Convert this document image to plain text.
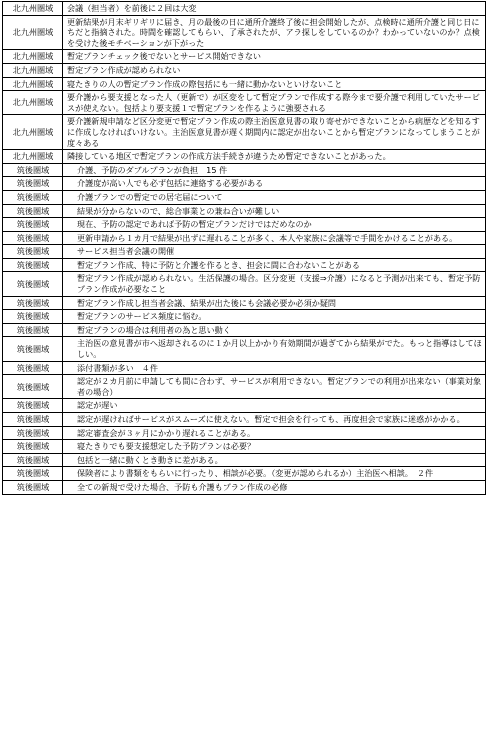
北九州圏域	会議（担当者）を前後に２回は大変
北九州圏域	更新結果が月末ギリギリに届き、月の最後の日に通所介護終了後に担会開始したが、点検時に通所介護と同じ日にちだと指摘された。時間を確認してもらい、了承されたが、アラ探しをしているのか？わかっていないのか？点検を受けた後モチベーションが下がった
北九州圏域	暫定プランチェック後でないとサービス開始できない
北九州圏域	暫定プラン作成が認められない
北九州圏域	寝たきりの人の暫定プラン作成の際包括にも一緒に動かないといけないこと
北九州圏域	要介護から要支援となった人（更新で）が区変をして暫定プランで作成する際今まで要介護で利用していたサービスが使えない。包括より要支援１で暫定プランを作るように強要される
北九州圏域	要介護新規申請など区分変更で暫定プラン作成の際主治医意見書の取り寄せができないことから病歴などを知るすに作成しなければいけない。主治医意見書が遅く期間内に認定が出ないことから暫定プランになってしまうことが度々ある
北九州圏域	隣接している地区で暫定プランの作成方法手続きが違うため暫定できないことがあった。
筑後圏域	介護、予防のダブルプランが負担　15 件
筑後圏域	介護度が高い人でも必ず包括に連絡する必要がある
筑後圏域	介護プランでの暫定での居宅届について
筑後圏域	結果が分からないので、総合事業との兼ね合いが難しい
筑後圏域	現在、予防の認定であれば予防の暫定プランだけではだめなのか
筑後圏域	更新申請から１カ月で結果が出ずに遅れることが多く、本人や家族に会議等で手間をかけることがある。
筑後圏域	サービス担当者会議の開催
筑後圏域	暫定プラン作成、特に予防と介護を作るとき、担会に間に合わないことがある
筑後圏域	暫定プラン作成が認められない。生活保護の場合。区分変更（支援⇒介護）になると予測が出来ても、暫定予防プラン作成が必要なこと
筑後圏域	暫定プラン作成し担当者会議、結果が出た後にも会議必要か必須か疑問
筑後圏域	暫定プランのサービス頻度に悩む。
筑後圏域	暫定プランの場合は利用者の為と思い動く
筑後圏域	主治医の意見書が市へ返却されるのに１か月以上かかり有効期間が過ぎてから結果がでた。もっと指導はしてほしい。
筑後圏域	添付書類が多い　４件
筑後圏域	認定が２カ月前に申請しても間に合わず、サービスが利用できない。暫定プランでの利用が出来ない（事業対象者の場合）
筑後圏域	認定が遅い
筑後圏域	認定が遅ければサービスがスムーズに使えない。暫定で担会を行っても、再度担会で家族に迷惑がかかる。
筑後圏域	認定審査会が３ヶ月にかかり遅れることがある。
筑後圏域	寝たきりでも要支援想定した予防プランは必要？
筑後圏域	包括と一緒に動くとき動きに差がある。
筑後圏域	保険者により書類をもらいに行ったり、相談が必要。（変更が認められるか）主治医へ相談。　２件
筑後圏域	全ての新規で受けた場合、予防も介護もプラン作成の必修
